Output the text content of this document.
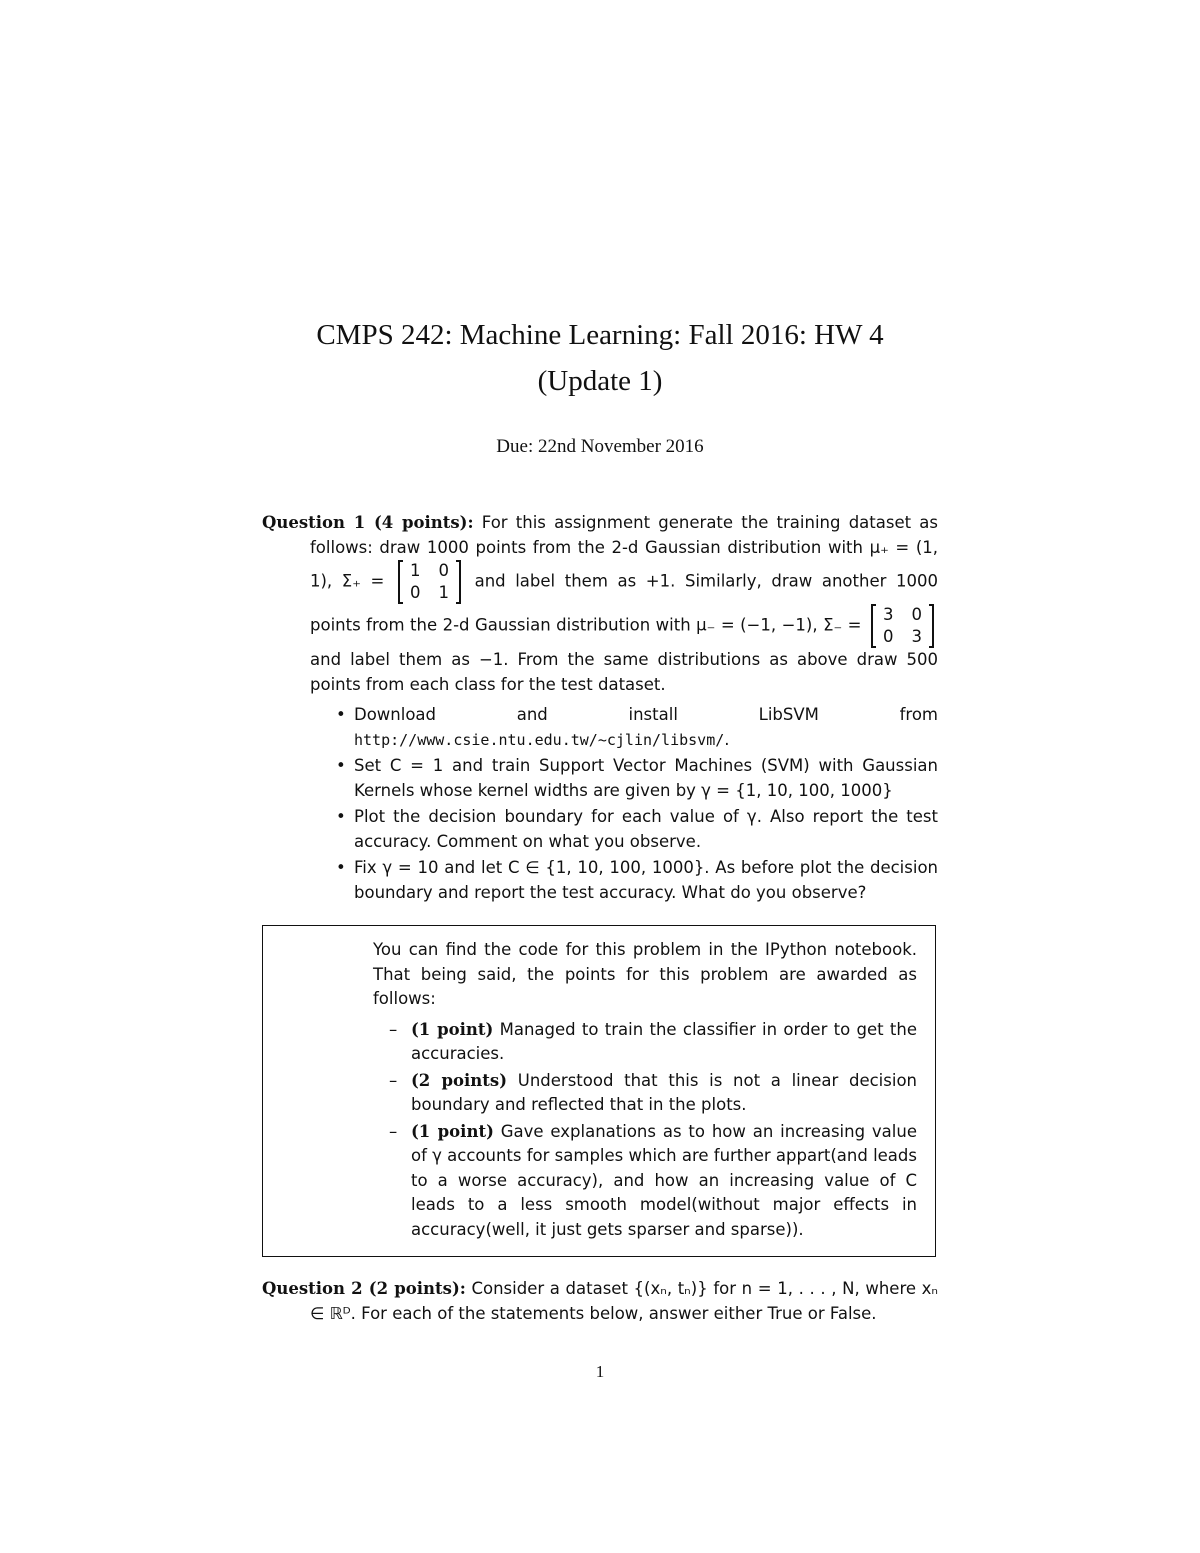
CMPS 242: Machine Learning: Fall 2016: HW 4
(Update 1)
Due: 22nd November 2016
Question 1 (4 points): For this assignment generate the training dataset as follows: draw 1000 points from the 2-d Gaussian distribution with μ₊ = (1, 1), Σ₊ =
1 0
0 1
and label them as +1. Similarly, draw another 1000 points from the 2-d Gaussian distribution with μ₋ = (−1, −1), Σ₋ =
3 0
0 3
and label them as −1. From the same distributions as above draw 500 points from each class for the test dataset.
• Download and install LibSVM from http://www.csie.ntu.edu.tw/~cjlin/libsvm/.
• Set C = 1 and train Support Vector Machines (SVM) with Gaussian Kernels whose kernel widths are given by γ = {1, 10, 100, 1000}
• Plot the decision boundary for each value of γ. Also report the test accuracy. Comment on what you observe.
• Fix γ = 10 and let C ∈ {1, 10, 100, 1000}. As before plot the decision boundary and report the test accuracy. What do you observe?
You can find the code for this problem in the IPython notebook. That being said, the points for this problem are awarded as follows:
– (1 point) Managed to train the classifier in order to get the accuracies.
– (2 points) Understood that this is not a linear decision boundary and reflected that in the plots.
– (1 point) Gave explanations as to how an increasing value of γ accounts for samples which are further appart(and leads to a worse accuracy), and how an increasing value of C leads to a less smooth model(without major effects in accuracy(well, it just gets sparser and sparse)).
Question 2 (2 points): Consider a dataset {(xₙ, tₙ)} for n = 1, . . . , N, where xₙ ∈ ℝᴰ. For each of the statements below, answer either True or False.
1
